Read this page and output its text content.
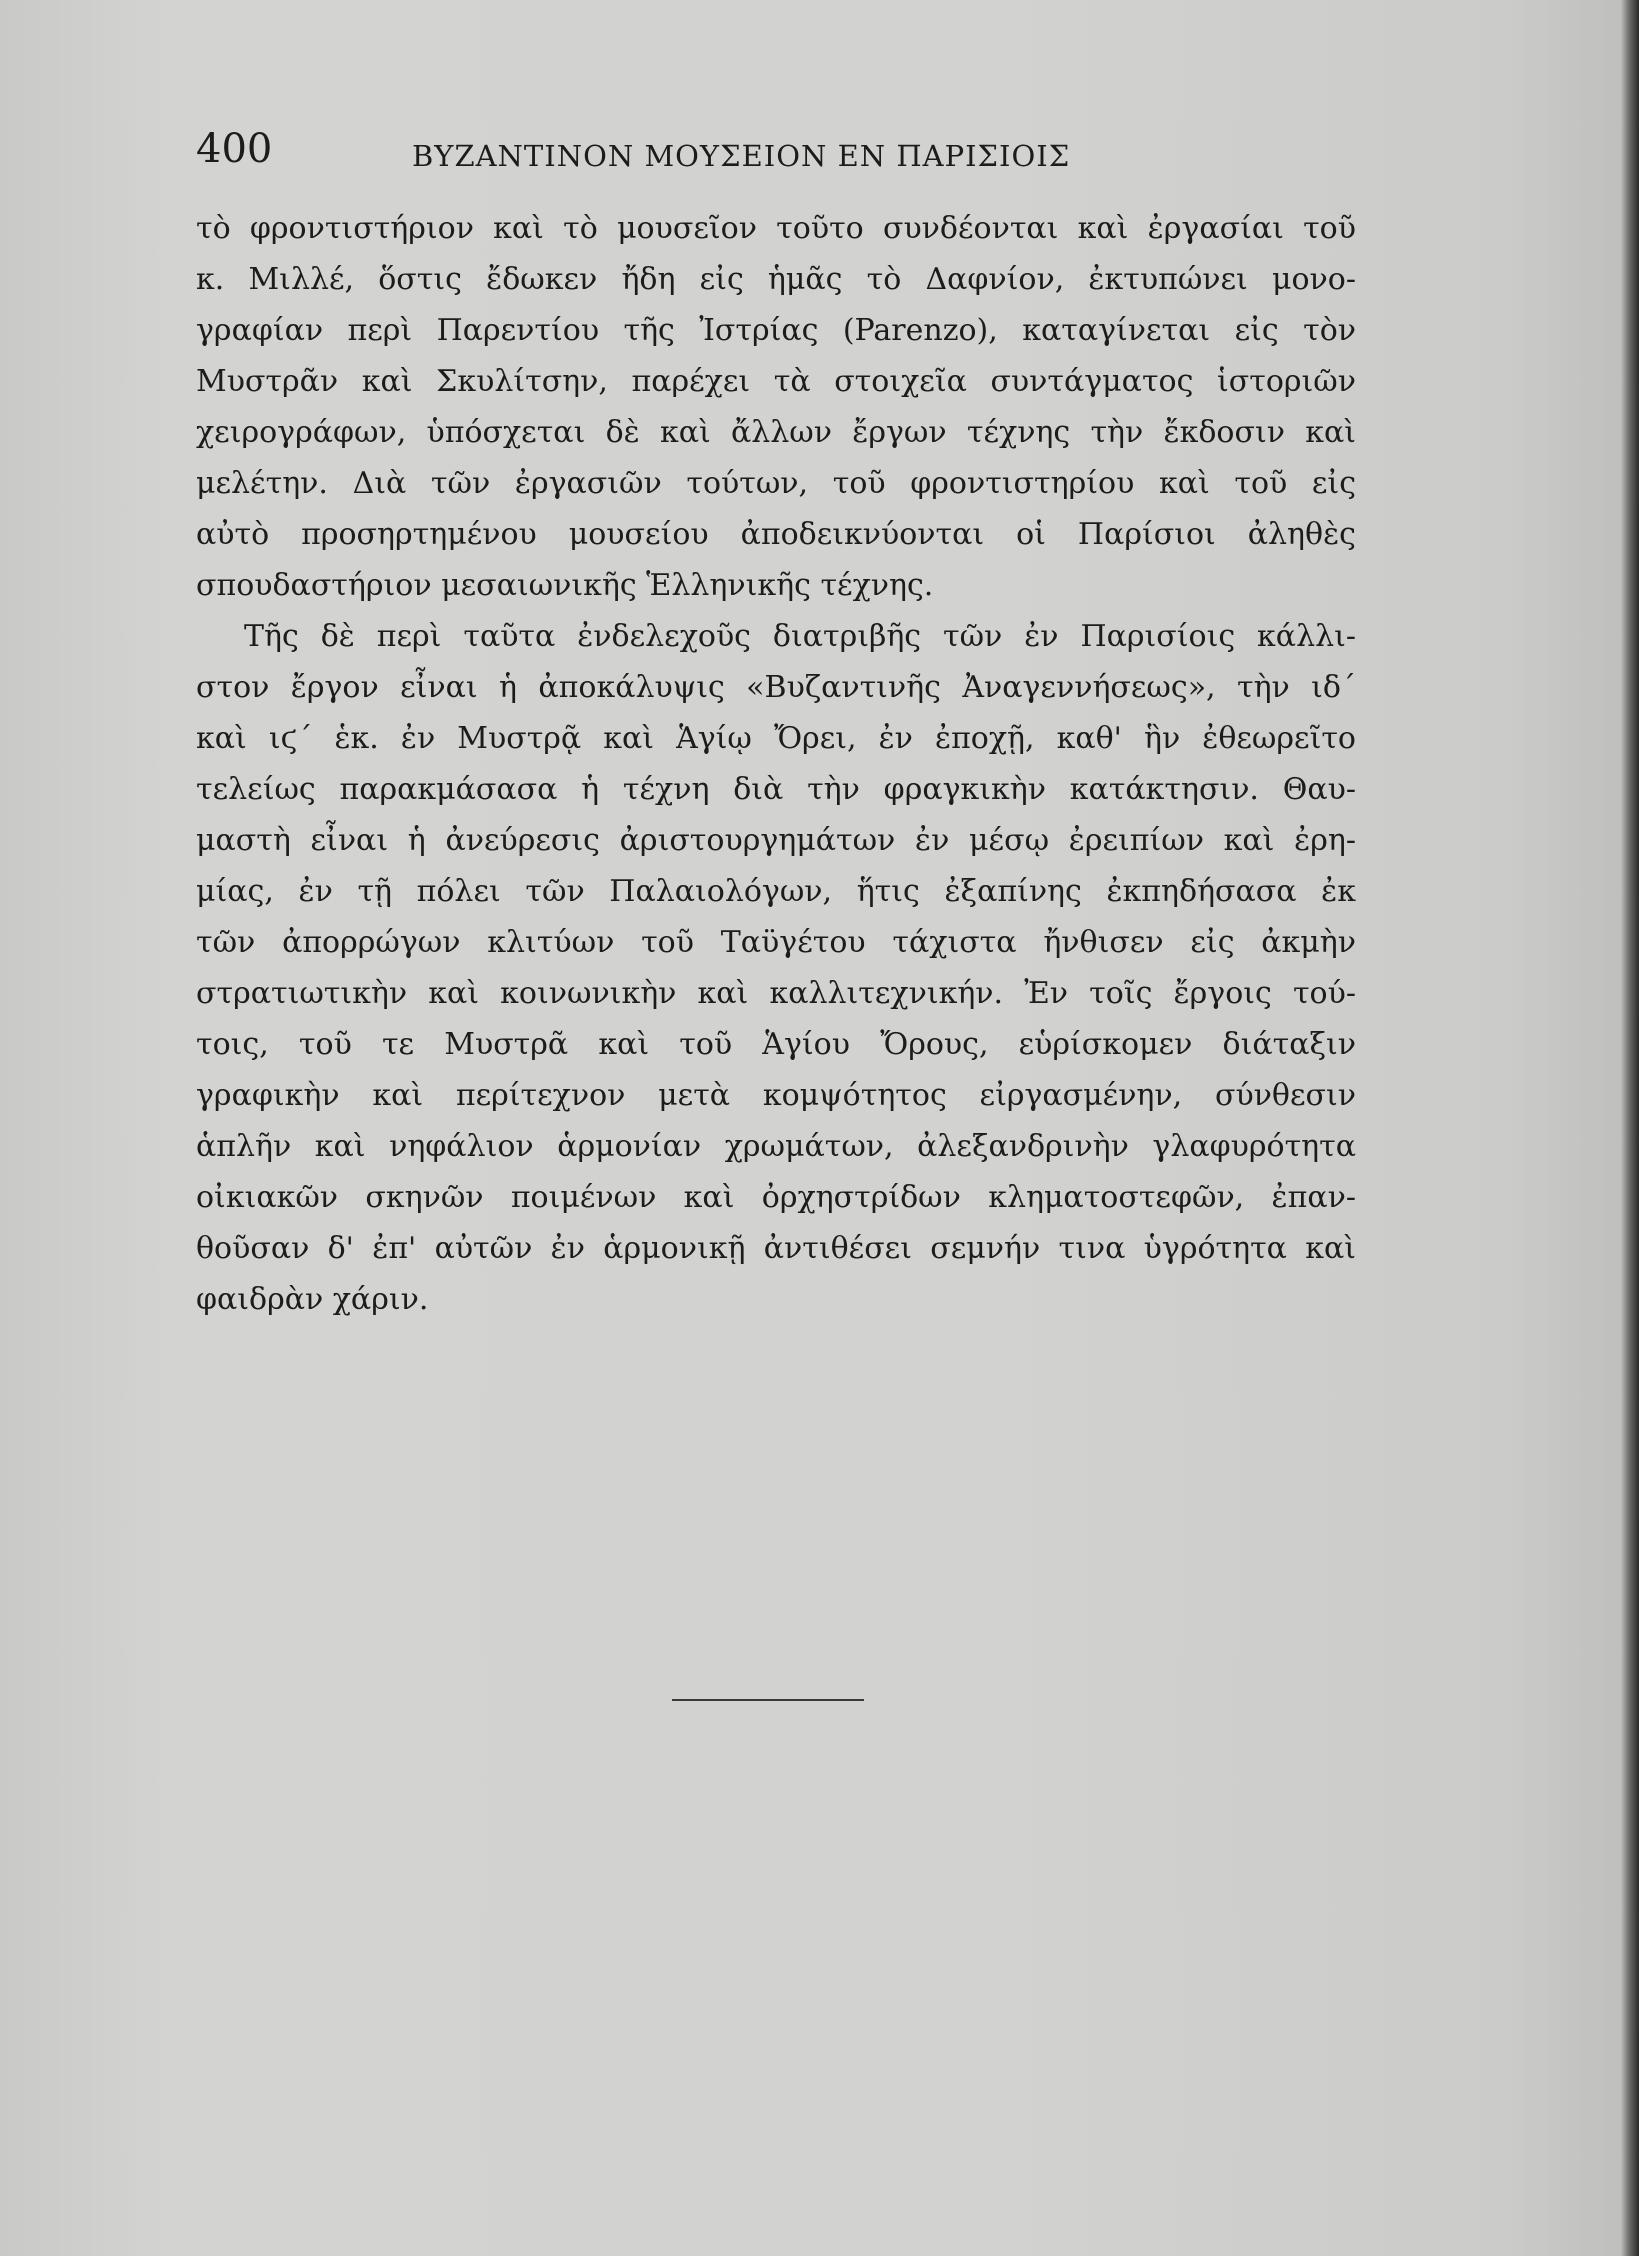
400	ΒΥΖΑΝΤΙΝΟΝ ΜΟΥΣΕΙΟΝ ΕΝ ΠΑΡΙΣΙΟΙΣ
τὸ φροντιστήριον καὶ τὸ μουσεῖον τοῦτο συνδέονται καὶ ἐργασίαι τοῦ
κ. Μιλλέ, ὅστις ἔδωκεν ἤδη εἰς ἡμᾶς τὸ Δαφνίον, ἐκτυπώνει μονο-
γραφίαν περὶ Παρεντίου τῆς Ἰστρίας (Parenzo), καταγίνεται εἰς τὸν
Μυστρᾶν καὶ Σκυλίτσην, παρέχει τὰ στοιχεῖα συντάγματος ἱστοριῶν
χειρογράφων, ὑπόσχεται δὲ καὶ ἄλλων ἔργων τέχνης τὴν ἔκδοσιν καὶ
μελέτην. Διὰ τῶν ἐργασιῶν τούτων, τοῦ φροντιστηρίου καὶ τοῦ εἰς
αὐτὸ προσηρτημένου μουσείου ἀποδεικνύονται οἱ Παρίσιοι ἀληθὲς
σπουδαστήριον μεσαιωνικῆς Ἑλληνικῆς τέχνης.
Τῆς δὲ περὶ ταῦτα ἐνδελεχοῦς διατριβῆς τῶν ἐν Παρισίοις κάλλι-
στον ἔργον εἶναι ἡ ἀποκάλυψις «Βυζαντινῆς Ἀναγεννήσεως», τὴν ιδ´
καὶ ιϛ´ ἑκ. ἐν Μυστρᾷ καὶ Ἁγίῳ Ὄρει, ἐν ἐποχῇ, καθ' ἣν ἐθεωρεῖτο
τελείως παρακμάσασα ἡ τέχνη διὰ τὴν φραγκικὴν κατάκτησιν. Θαυ-
μαστὴ εἶναι ἡ ἀνεύρεσις ἀριστουργημάτων ἐν μέσῳ ἐρειπίων καὶ ἐρη-
μίας, ἐν τῇ πόλει τῶν Παλαιολόγων, ἥτις ἐξαπίνης ἐκπηδήσασα ἐκ
τῶν ἀπορρώγων κλιτύων τοῦ Ταϋγέτου τάχιστα ἤνθισεν εἰς ἀκμὴν
στρατιωτικὴν καὶ κοινωνικὴν καὶ καλλιτεχνικήν. Ἐν τοῖς ἔργοις τού-
τοις, τοῦ τε Μυστρᾶ καὶ τοῦ Ἁγίου Ὄρους, εὑρίσκομεν διάταξιν
γραφικὴν καὶ περίτεχνον μετὰ κομψότητος εἰργασμένην, σύνθεσιν
ἁπλῆν καὶ νηφάλιον ἁρμονίαν χρωμάτων, ἀλεξανδρινὴν γλαφυρότητα
οἰκιακῶν σκηνῶν ποιμένων καὶ ὀρχηστρίδων κληματοστεφῶν, ἐπαν-
θοῦσαν δ' ἐπ' αὐτῶν ἐν ἁρμονικῇ ἀντιθέσει σεμνήν τινα ὑγρότητα καὶ
φαιδρὰν χάριν.
